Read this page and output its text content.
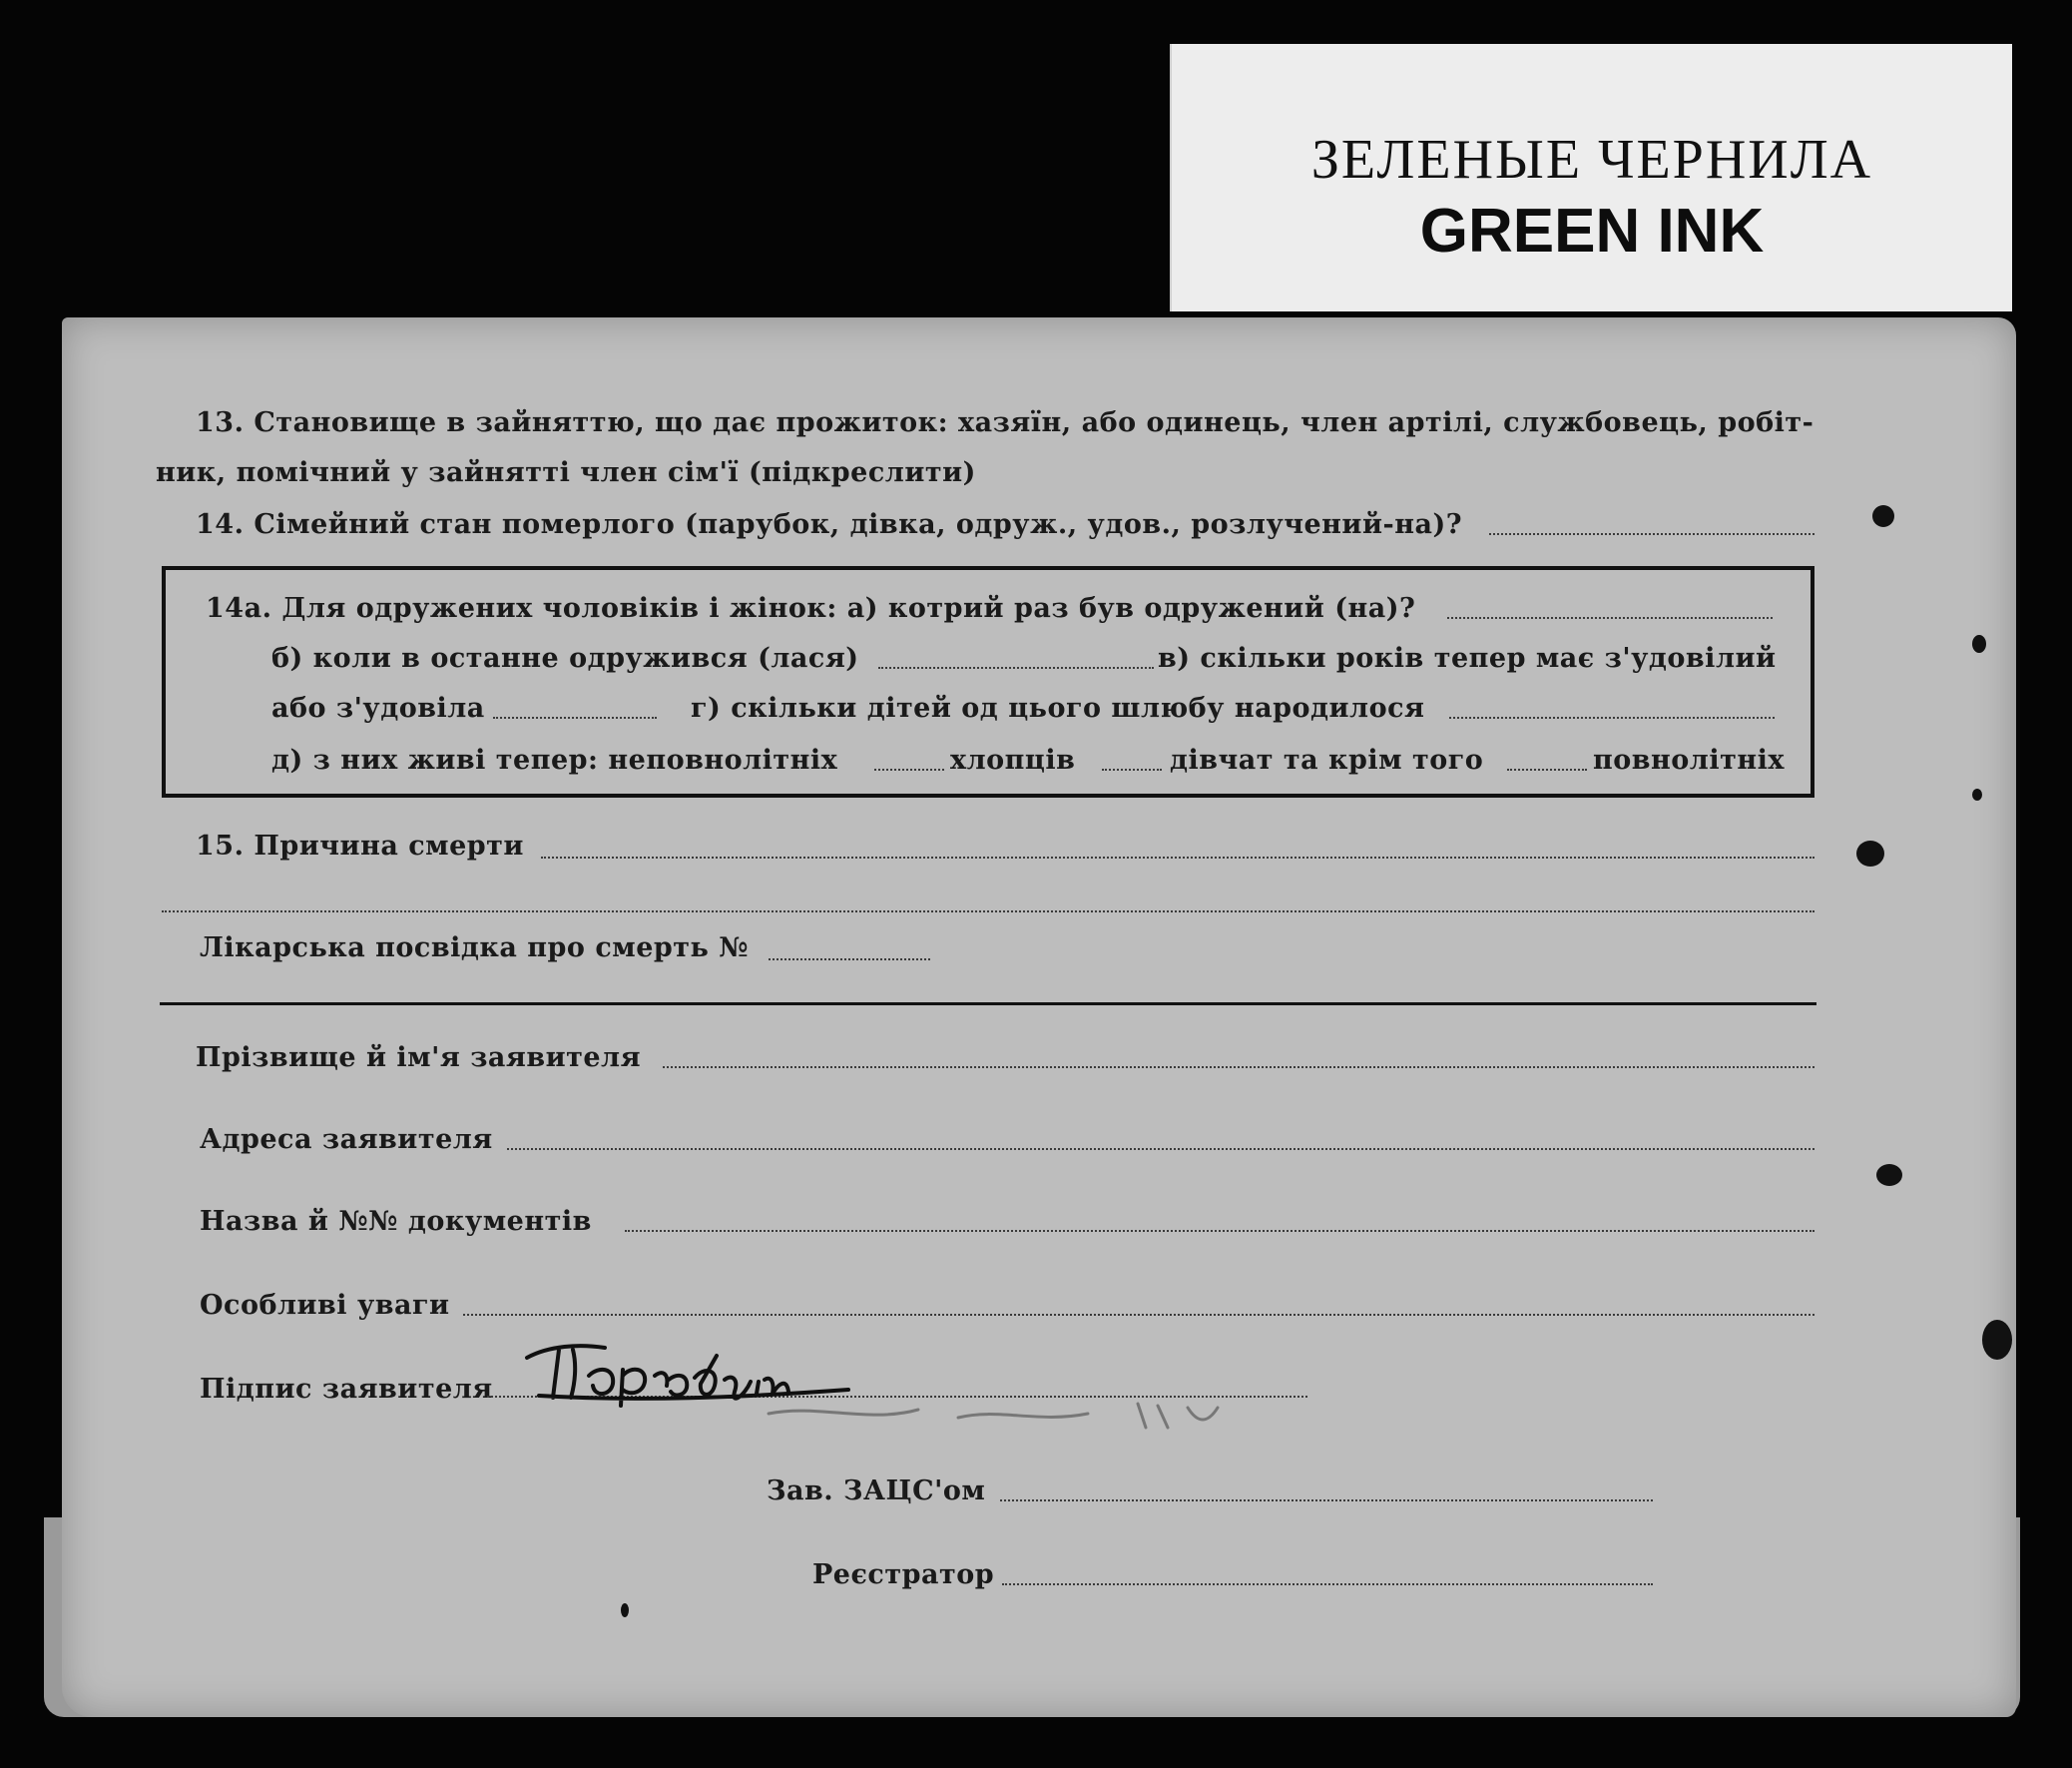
ЗЕЛЕНЫЕ ЧЕРНИЛА
GREEN INK
13. Становище в зайняттю, що дає прожиток: хазяїн, або одинець, член артілі, службовець, робіт-
ник, помічний у зайнятті член сім'ї (підкреслити)
14. Сімейний стан померлого (парубок, дівка, одруж., удов., розлучений-на)?
14а. Для одружених чоловіків і жінок: а) котрий раз був одружений (на)?
б) коли в останне одружився (лася)	в) скільки років тепер має з'удовілий
або з'удовіла	г) скільки дітей од цього шлюбу народилося
д) з них живі тепер: неповнолітніх	хлопців	дівчат та крім того	повнолітніх
15. Причина смерти
Лікарська посвідка про смерть №
Прізвище й ім'я заявителя
Адреса заявителя
Назва й №№ документів
Особливі уваги
Підпис заявителя
Зав. ЗАЦС'ом
Реєстратор
